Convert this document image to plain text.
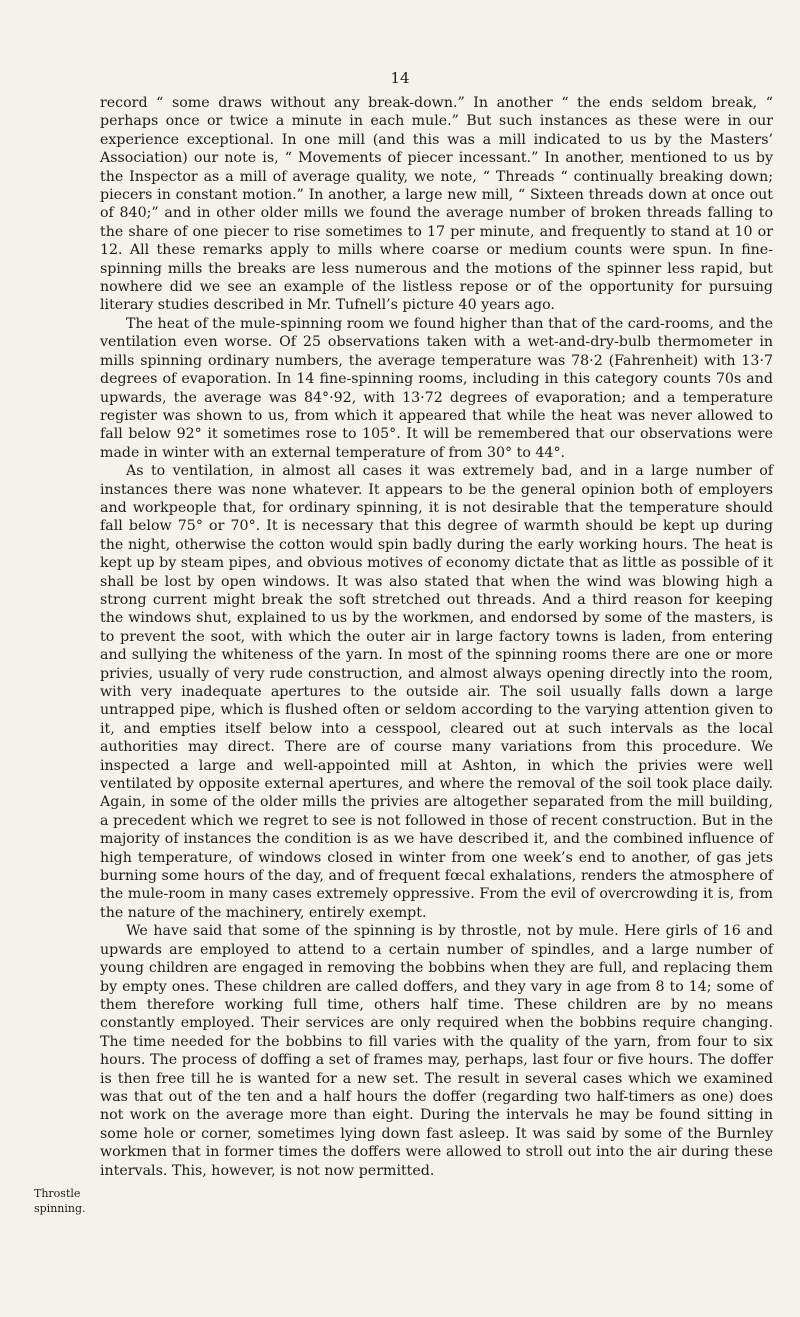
14

record “ some draws without any break-down.” In another “ the ends seldom break, “ perhaps once or twice a minute in each mule.” But such instances as these were in our experience exceptional. In one mill (and this was a mill indicated to us by the Masters’ Association) our note is, “ Movements of piecer incessant.” In another, mentioned to us by the Inspector as a mill of average quality, we note, “ Threads “ continually breaking down; piecers in constant motion.” In another, a large new mill, “ Sixteen threads down at once out of 840;” and in other older mills we found the average number of broken threads falling to the share of one piecer to rise sometimes to 17 per minute, and frequently to stand at 10 or 12. All these remarks apply to mills where coarse or medium counts were spun. In fine-spinning mills the breaks are less numerous and the motions of the spinner less rapid, but nowhere did we see an example of the listless repose or of the opportunity for pursuing literary studies described in Mr. Tufnell’s picture 40 years ago.

The heat of the mule-spinning room we found higher than that of the card-rooms, and the ventilation even worse. Of 25 observations taken with a wet-and-dry-bulb thermometer in mills spinning ordinary numbers, the average temperature was 78·2 (Fahrenheit) with 13·7 degrees of evaporation. In 14 fine-spinning rooms, including in this category counts 70s and upwards, the average was 84°·92, with 13·72 degrees of evaporation; and a temperature register was shown to us, from which it appeared that while the heat was never allowed to fall below 92° it sometimes rose to 105°. It will be remembered that our observations were made in winter with an external temperature of from 30° to 44°.

As to ventilation, in almost all cases it was extremely bad, and in a large number of instances there was none whatever. It appears to be the general opinion both of employers and workpeople that, for ordinary spinning, it is not desirable that the temperature should fall below 75° or 70°. It is necessary that this degree of warmth should be kept up during the night, otherwise the cotton would spin badly during the early working hours. The heat is kept up by steam pipes, and obvious motives of economy dictate that as little as possible of it shall be lost by open windows. It was also stated that when the wind was blowing high a strong current might break the soft stretched out threads. And a third reason for keeping the windows shut, explained to us by the workmen, and endorsed by some of the masters, is to prevent the soot, with which the outer air in large factory towns is laden, from entering and sullying the whiteness of the yarn. In most of the spinning rooms there are one or more privies, usually of very rude construction, and almost always opening directly into the room, with very inadequate apertures to the outside air. The soil usually falls down a large untrapped pipe, which is flushed often or seldom according to the varying attention given to it, and empties itself below into a cesspool, cleared out at such intervals as the local authorities may direct. There are of course many variations from this procedure. We inspected a large and well-appointed mill at Ashton, in which the privies were well ventilated by opposite external apertures, and where the removal of the soil took place daily. Again, in some of the older mills the privies are altogether separated from the mill building, a precedent which we regret to see is not followed in those of recent construction. But in the majority of instances the condition is as we have described it, and the combined influence of high temperature, of windows closed in winter from one week’s end to another, of gas jets burning some hours of the day, and of frequent fœcal exhalations, renders the atmosphere of the mule-room in many cases extremely oppressive. From the evil of overcrowding it is, from the nature of the machinery, entirely exempt.

We have said that some of the spinning is by throstle, not by mule. Here girls of 16 and upwards are employed to attend to a certain number of spindles, and a large number of young children are engaged in removing the bobbins when they are full, and replacing them by empty ones. These children are called doffers, and they vary in age from 8 to 14; some of them therefore working full time, others half time. These children are by no means constantly employed. Their services are only required when the bobbins require changing. The time needed for the bobbins to fill varies with the quality of the yarn, from four to six hours. The process of doffing a set of frames may, perhaps, last four or five hours. The doffer is then free till he is wanted for a new set. The result in several cases which we examined was that out of the ten and a half hours the doffer (regarding two half-timers as one) does not work on the average more than eight. During the intervals he may be found sitting in some hole or corner, sometimes lying down fast asleep. It was said by some of the Burnley workmen that in former times the doffers were allowed to stroll out into the air during these intervals. This, however, is not now permitted.

Throstle
spinning.
